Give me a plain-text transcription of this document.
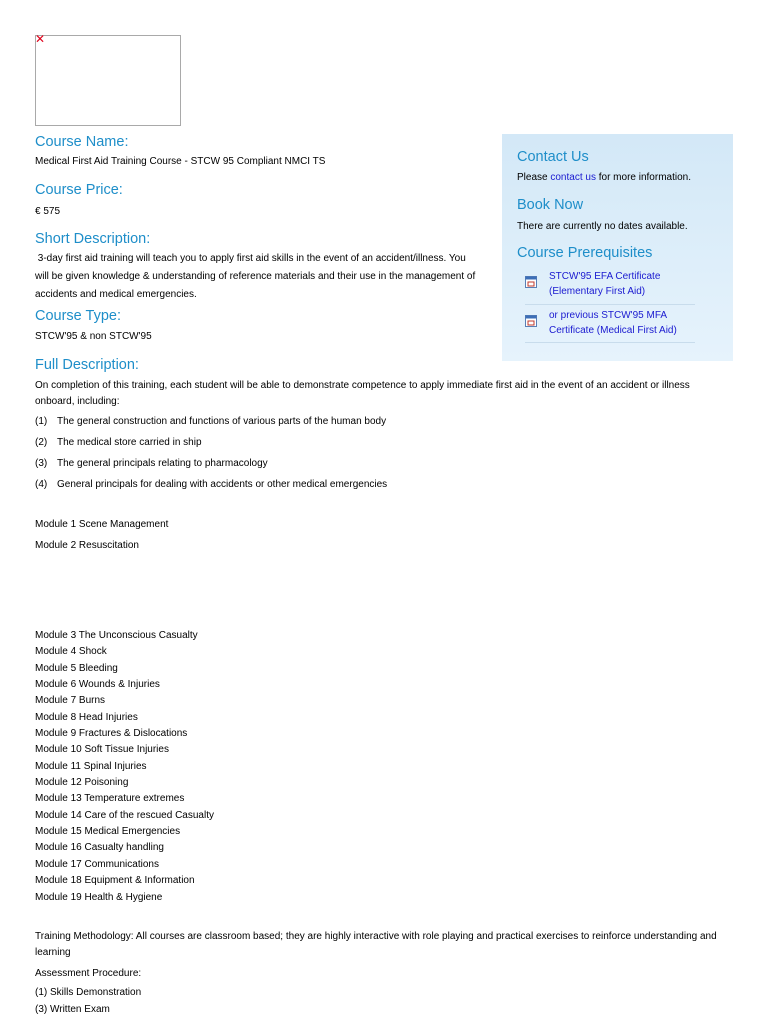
✕
Course Name:

Medical First Aid Training Course - STCW 95 Compliant NMCI TS

Course Price:

€ 575

Short Description:

3-day first aid training will teach you to apply first aid skills in the event of an accident/illness. You will be given knowledge & understanding of reference materials and their use in the management of accidents and medical emergencies.

Course Type:

STCW'95 & non STCW'95

Full Description:

On completion of this training, each student will be able to demonstrate competence to apply immediate first aid in the event of an accident or illness onboard, including:

(1) The general construction and functions of various parts of the human body

(2) The medical store carried in ship

(3) The general principals relating to pharmacology

(4) General principals for dealing with accidents or other medical emergencies

Module 1 Scene Management

Module 2 Resuscitation

Module 3 The Unconscious Casualty
Module 4 Shock
Module 5 Bleeding
Module 6 Wounds & Injuries
Module 7 Burns
Module 8 Head Injuries
Module 9 Fractures & Dislocations
Module 10 Soft Tissue Injuries
Module 11 Spinal Injuries
Module 12 Poisoning
Module 13 Temperature extremes
Module 14 Care of the rescued Casualty
Module 15 Medical Emergencies
Module 16 Casualty handling
Module 17 Communications
Module 18 Equipment & Information
Module 19 Health & Hygiene

Training Methodology: All courses are classroom based; they are highly interactive with role playing and practical exercises to reinforce understanding and learning

Assessment Procedure:

(1) Skills Demonstration

(3) Written Exam

Contact Us

Please contact us for more information.

Book Now

There are currently no dates available.

Course Prerequisites
STCW'95 EFA Certificate (Elementary First Aid)
or previous STCW'95 MFA Certificate (Medical First Aid)
